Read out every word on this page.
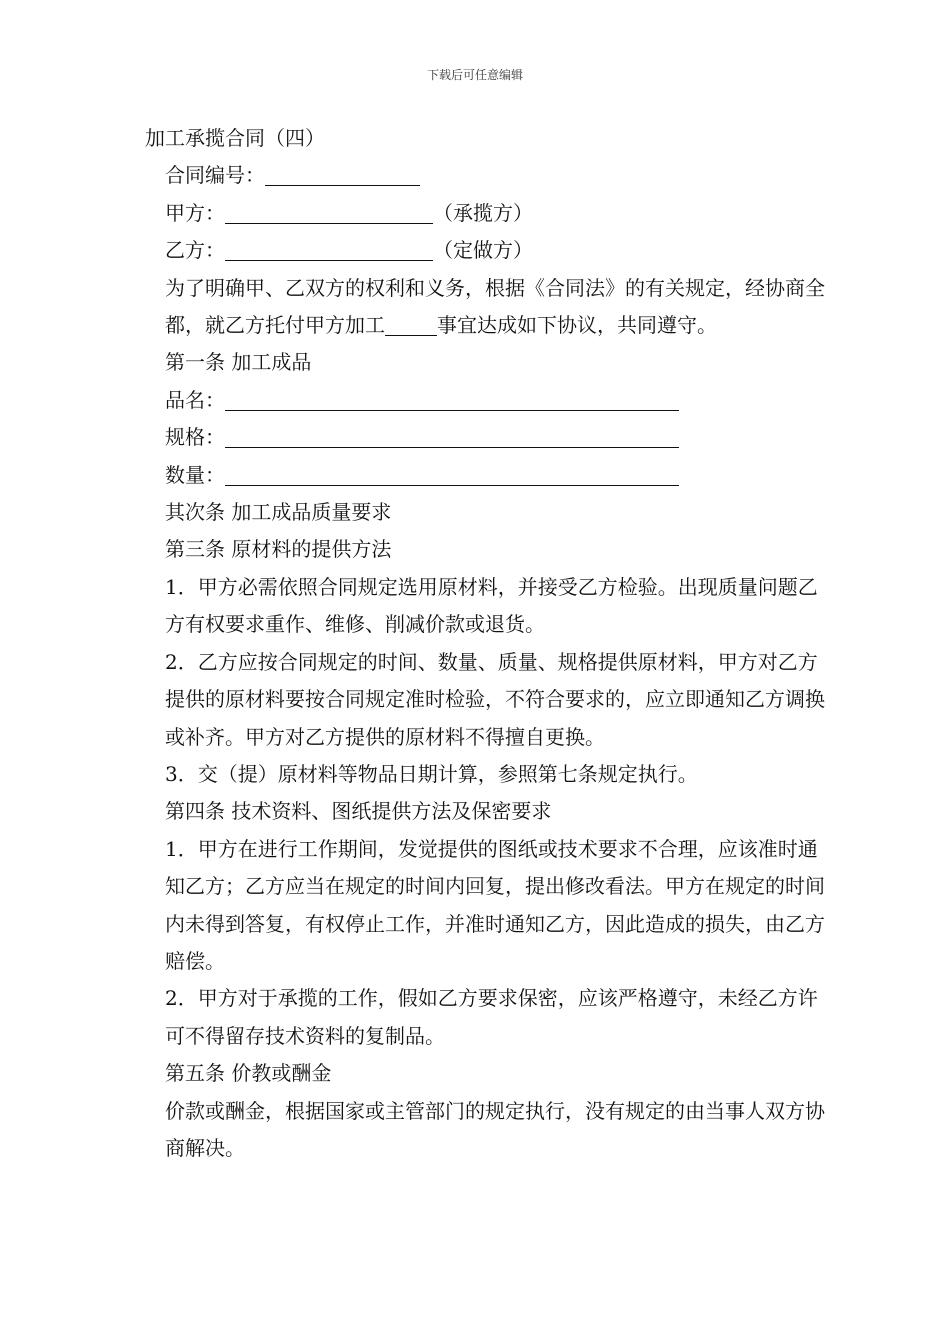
下载后可任意编辑
加工承揽合同（四）
合同编号：
甲方：	（承揽方）
乙方：	（定做方）
为了明确甲、乙双方的权利和义务，根据《合同法》的有关规定，经协商全都，就乙方托付甲方加工	事宜达成如下协议，共同遵守。
第一条 加工成品
品名：
规格：
数量：
其次条 加工成品质量要求
第三条 原材料的提供方法
1．甲方必需依照合同规定选用原材料，并接受乙方检验。出现质量问题乙方有权要求重作、维修、削减价款或退货。
2．乙方应按合同规定的时间、数量、质量、规格提供原材料，甲方对乙方提供的原材料要按合同规定准时检验，不符合要求的，应立即通知乙方调换或补齐。甲方对乙方提供的原材料不得擅自更换。
3．交（提）原材料等物品日期计算，参照第七条规定执行。
第四条 技术资料、图纸提供方法及保密要求
1．甲方在进行工作期间，发觉提供的图纸或技术要求不合理，应该准时通知乙方；乙方应当在规定的时间内回复，提出修改看法。甲方在规定的时间内未得到答复，有权停止工作，并准时通知乙方，因此造成的损失，由乙方赔偿。
2．甲方对于承揽的工作，假如乙方要求保密，应该严格遵守，未经乙方许可不得留存技术资料的复制品。
第五条 价教或酬金
价款或酬金，根据国家或主管部门的规定执行，没有规定的由当事人双方协商解决。
